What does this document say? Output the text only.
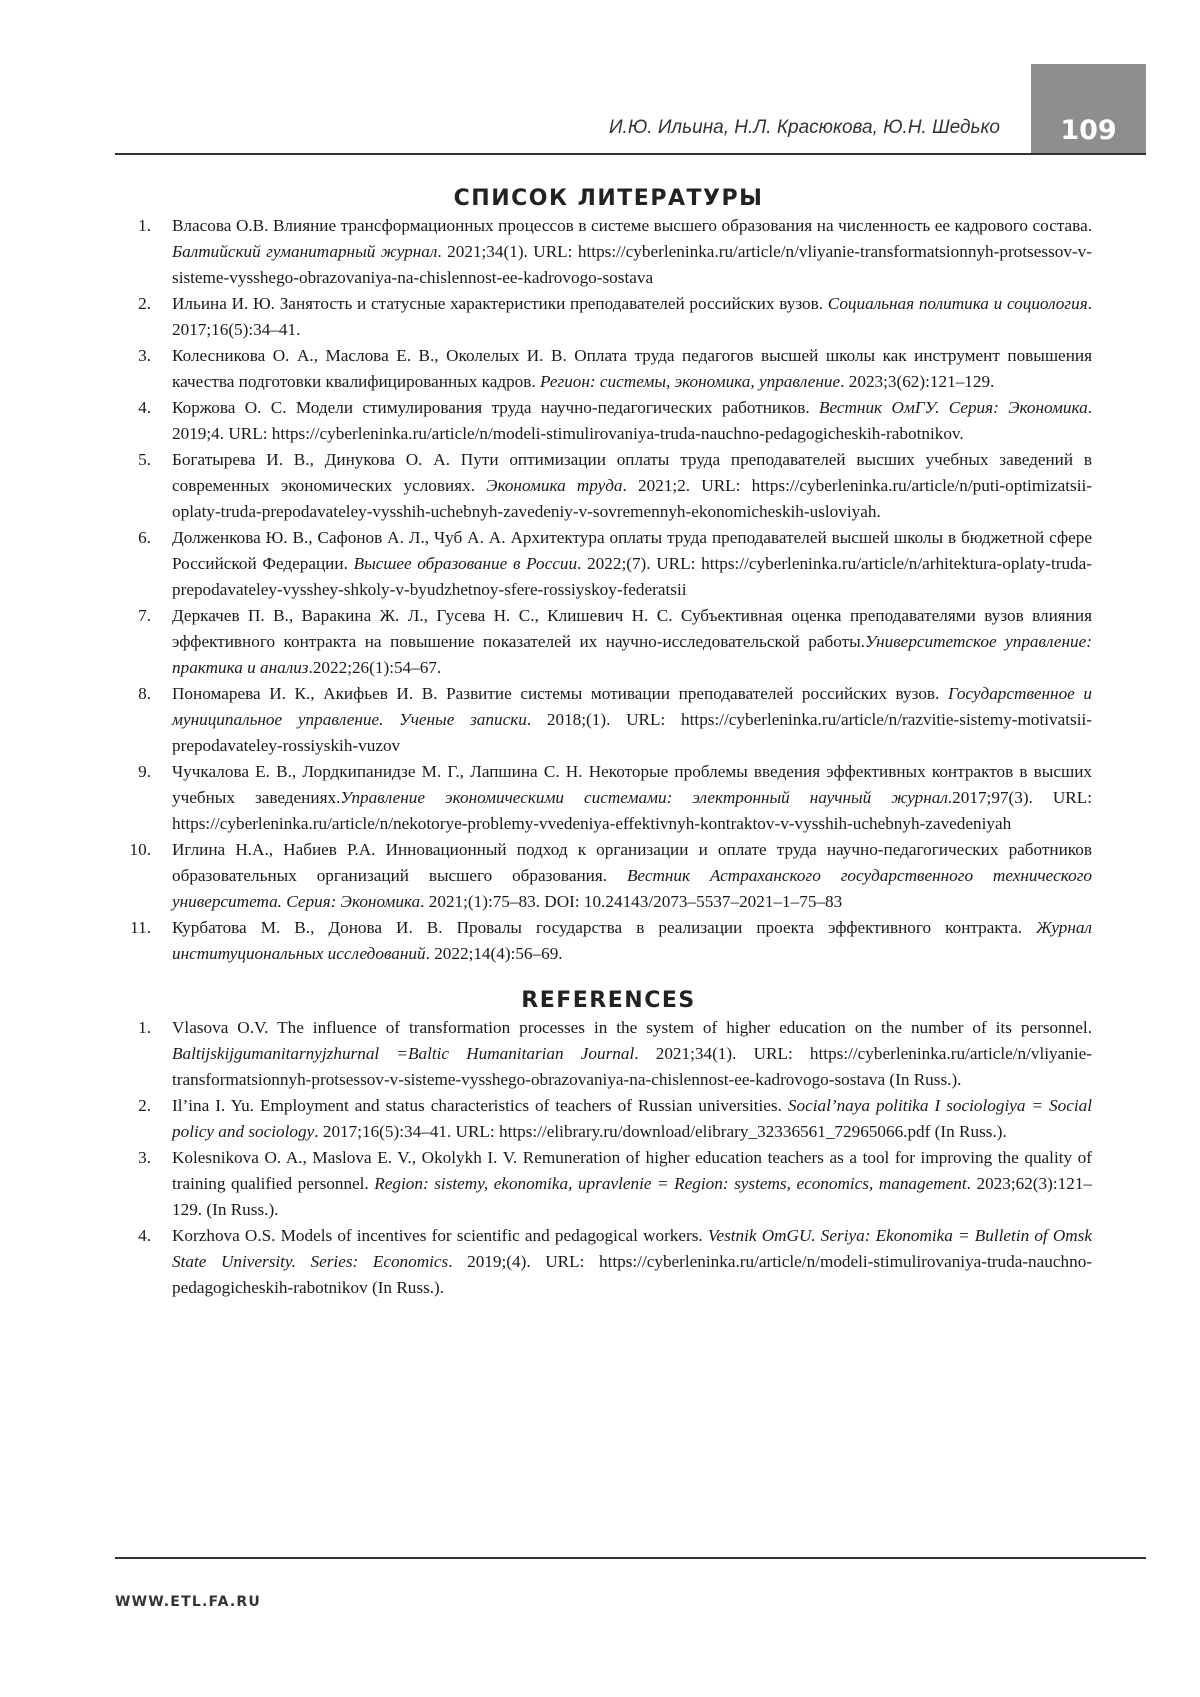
И.Ю. Ильина, Н.Л. Красюкова, Ю.Н. Шедько	109
СПИСОК ЛИТЕРАТУРЫ
1. Власова О.В. Влияние трансформационных процессов в системе высшего образования на численность ее кадрового состава. Балтийский гуманитарный журнал. 2021;34(1). URL: https://cyberleninka.ru/article/n/vliyanie-transformatsionnyh-protsessov-v-sisteme-vysshego-obrazovaniya-na-chislennost-ee-kadrovogo-sostava
2. Ильина И. Ю. Занятость и статусные характеристики преподавателей российских вузов. Социальная политика и социология. 2017;16(5):34–41.
3. Колесникова О. А., Маслова Е. В., Околелых И. В. Оплата труда педагогов высшей школы как инструмент повышения качества подготовки квалифицированных кадров. Регион: системы, экономика, управление. 2023;3(62):121–129.
4. Коржова О. С. Модели стимулирования труда научно-педагогических работников. Вестник ОмГУ. Серия: Экономика. 2019;4. URL: https://cyberleninka.ru/article/n/modeli-stimulirovaniya-truda-nauchno-pedagogicheskih-rabotnikov.
5. Богатырева И. В., Динукова О. А. Пути оптимизации оплаты труда преподавателей высших учебных заведений в современных экономических условиях. Экономика труда. 2021;2. URL: https://cyberleninka.ru/article/n/puti-optimizatsii-oplaty-truda-prepodavateley-vysshih-uchebnyh-zavedeniy-v-sovremennyh-ekonomicheskih-usloviyah.
6. Долженкова Ю. В., Сафонов А. Л., Чуб А. А. Архитектура оплаты труда преподавателей высшей школы в бюджетной сфере Российской Федерации. Высшее образование в России. 2022;(7). URL: https://cyberleninka.ru/article/n/arhitektura-oplaty-truda-prepodavateley-vysshey-shkoly-v-byudzhetnoy-sfere-rossiyskoy-federatsii
7. Деркачев П. В., Варакина Ж. Л., Гусева Н. С., Клишевич Н. С. Субъективная оценка преподавателями вузов влияния эффективного контракта на повышение показателей их научно-исследовательской работы.Университетское управление: практика и анализ.2022;26(1):54–67.
8. Пономарева И. К., Акифьев И. В. Развитие системы мотивации преподавателей российских вузов. Государственное и муниципальное управление. Ученые записки. 2018;(1). URL: https://cyberleninka.ru/article/n/razvitie-sistemy-motivatsii-prepodavateley-rossiyskih-vuzov
9. Чучкалова Е. В., Лордкипанидзе М. Г., Лапшина С. Н. Некоторые проблемы введения эффективных контрактов в высших учебных заведениях.Управление экономическими системами: электронный научный журнал.2017;97(3). URL: https://cyberleninka.ru/article/n/nekotorye-problemy-vvedeniya-effektivnyh-kontraktov-v-vysshih-uchebnyh-zavedeniyah
10. Иглина Н.А., Набиев Р.А. Инновационный подход к организации и оплате труда научно-педагогических работников образовательных организаций высшего образования. Вестник Астраханского государственного технического университета. Серия: Экономика. 2021;(1):75–83. DOI: 10.24143/2073–5537–2021–1–75–83
11. Курбатова М. В., Донова И. В. Провалы государства в реализации проекта эффективного контракта. Журнал институциональных исследований. 2022;14(4):56–69.
REFERENCES
1. Vlasova O.V. The influence of transformation processes in the system of higher education on the number of its personnel. Baltijskijgumanitarnyjzhurnal =Baltic Humanitarian Journal. 2021;34(1). URL: https://cyberleninka.ru/article/n/vliyanie-transformatsionnyh-protsessov-v-sisteme-vysshego-obrazovaniya-na-chislennost-ee-kadrovogo-sostava (In Russ.).
2. Il’ina I. Yu. Employment and status characteristics of teachers of Russian universities. Social’naya politika I sociologiya = Social policy and sociology. 2017;16(5):34–41. URL: https://elibrary.ru/download/elibrary_32336561_72965066.pdf (In Russ.).
3. Kolesnikova O. A., Maslova E. V., Okolykh I. V. Remuneration of higher education teachers as a tool for improving the quality of training qualified personnel. Region: sistemy, ekonomika, upravlenie = Region: systems, economics, management. 2023;62(3):121–129. (In Russ.).
4. Korzhova O.S. Models of incentives for scientific and pedagogical workers. Vestnik OmGU. Seriya: Ekonomika = Bulletin of Omsk State University. Series: Economics. 2019;(4). URL: https://cyberleninka.ru/article/n/modeli-stimulirovaniya-truda-nauchno-pedagogicheskih-rabotnikov (In Russ.).
WWW.ETL.FA.RU
